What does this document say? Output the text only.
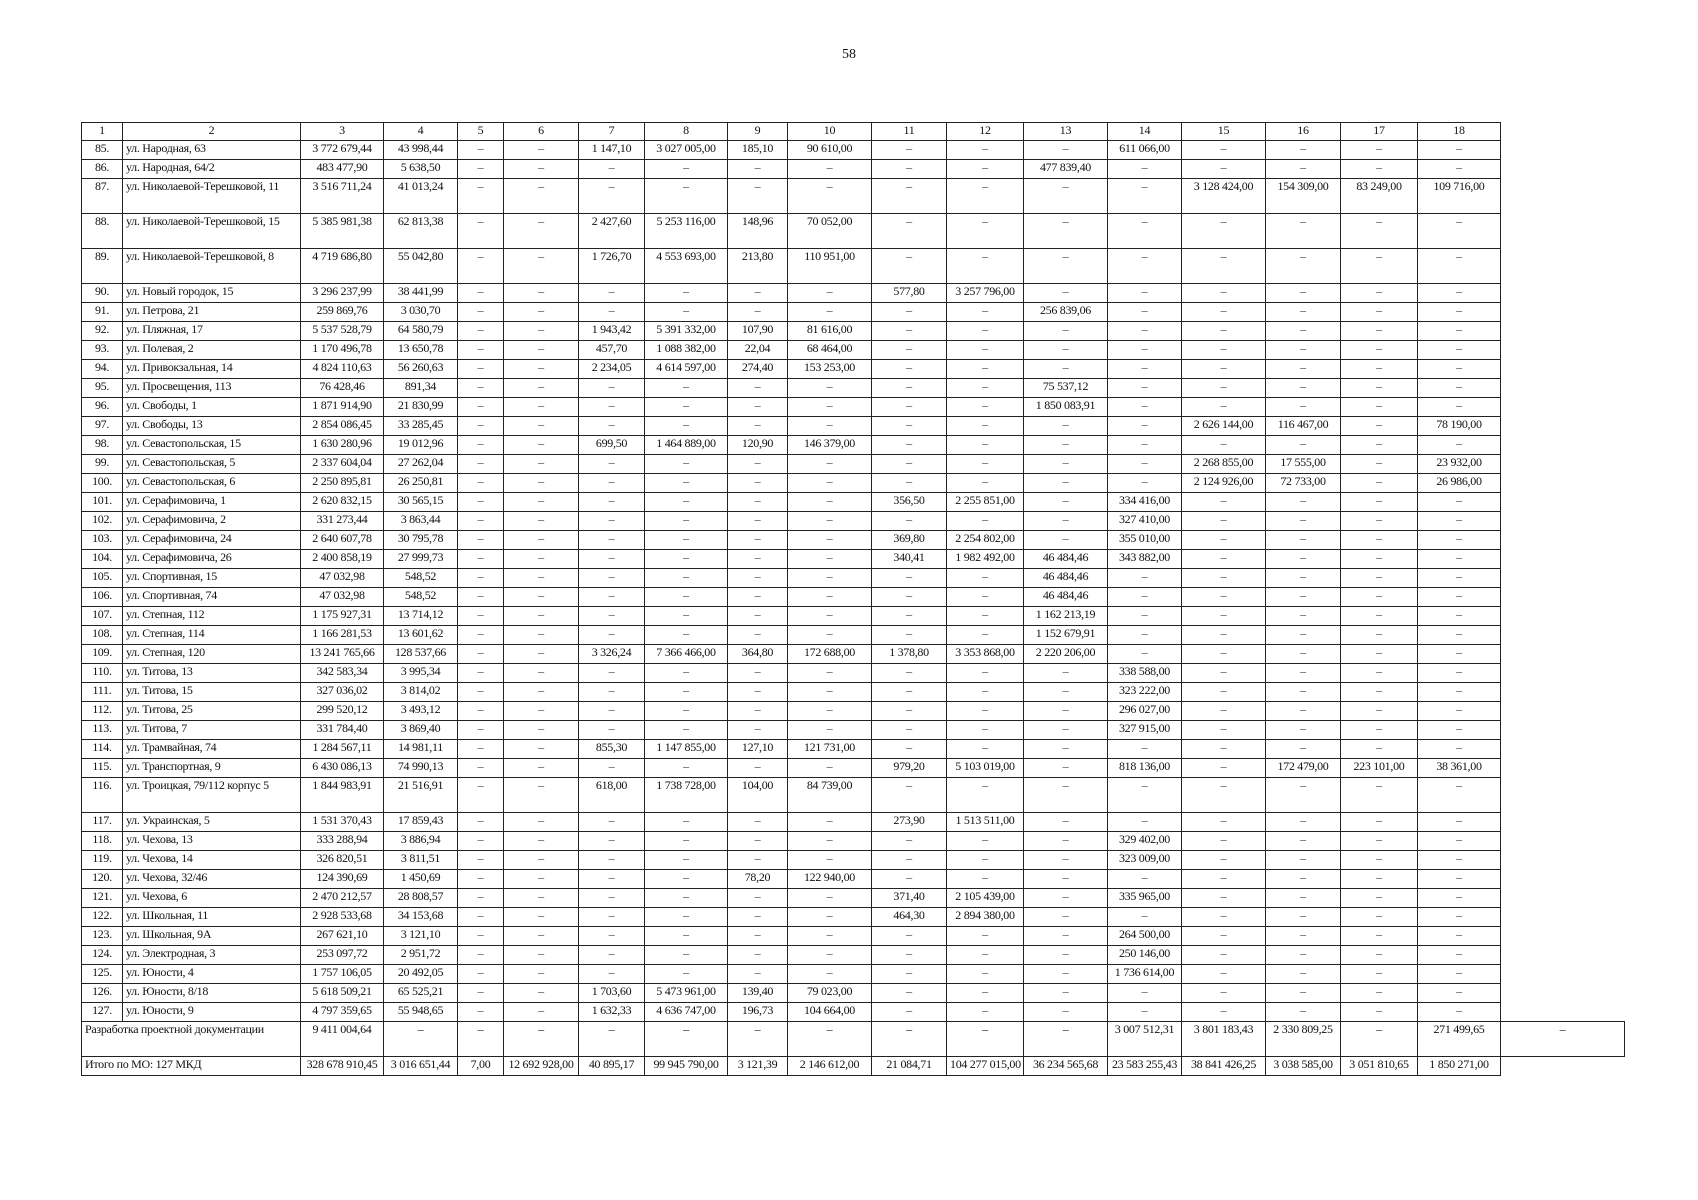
58
1	2	3	4	5	6	7	8	9	10	11	12	13	14	15	16	17	18	
85.	ул. Народная, 63	3 772 679,44	43 998,44	–	–	1 147,10	3 027 005,00	185,10	90 610,00	–	–	–	611 066,00	–	–	–	–	
86.	ул. Народная, 64/2	483 477,90	5 638,50	–	–	–	–	–	–	–	–	477 839,40	–	–	–	–	–	
87.	ул. Николаевой-Терешковой, 11	3 516 711,24	41 013,24	–	–	–	–	–	–	–	–	–	–	3 128 424,00	154 309,00	83 249,00	109 716,00	
88.	ул. Николаевой-Терешковой, 15	5 385 981,38	62 813,38	–	–	2 427,60	5 253 116,00	148,96	70 052,00	–	–	–	–	–	–	–	–	
89.	ул. Николаевой-Терешковой, 8	4 719 686,80	55 042,80	–	–	1 726,70	4 553 693,00	213,80	110 951,00	–	–	–	–	–	–	–	–	
90.	ул. Новый городок, 15	3 296 237,99	38 441,99	–	–	–	–	–	–	577,80	3 257 796,00	–	–	–	–	–	–	
91.	ул. Петрова, 21	259 869,76	3 030,70	–	–	–	–	–	–	–	–	256 839,06	–	–	–	–	–	
92.	ул. Пляжная, 17	5 537 528,79	64 580,79	–	–	1 943,42	5 391 332,00	107,90	81 616,00	–	–	–	–	–	–	–	–	
93.	ул. Полевая, 2	1 170 496,78	13 650,78	–	–	457,70	1 088 382,00	22,04	68 464,00	–	–	–	–	–	–	–	–	
94.	ул. Привокзальная, 14	4 824 110,63	56 260,63	–	–	2 234,05	4 614 597,00	274,40	153 253,00	–	–	–	–	–	–	–	–	
95.	ул. Просвещения, 113	76 428,46	891,34	–	–	–	–	–	–	–	–	75 537,12	–	–	–	–	–	
96.	ул. Свободы, 1	1 871 914,90	21 830,99	–	–	–	–	–	–	–	–	1 850 083,91	–	–	–	–	–	
97.	ул. Свободы, 13	2 854 086,45	33 285,45	–	–	–	–	–	–	–	–	–	–	2 626 144,00	116 467,00	–	78 190,00	
98.	ул. Севастопольская, 15	1 630 280,96	19 012,96	–	–	699,50	1 464 889,00	120,90	146 379,00	–	–	–	–	–	–	–	–	
99.	ул. Севастопольская, 5	2 337 604,04	27 262,04	–	–	–	–	–	–	–	–	–	–	2 268 855,00	17 555,00	–	23 932,00	
100.	ул. Севастопольская, 6	2 250 895,81	26 250,81	–	–	–	–	–	–	–	–	–	–	2 124 926,00	72 733,00	–	26 986,00	
101.	ул. Серафимовича, 1	2 620 832,15	30 565,15	–	–	–	–	–	–	356,50	2 255 851,00	–	334 416,00	–	–	–	–	
102.	ул. Серафимовича, 2	331 273,44	3 863,44	–	–	–	–	–	–	–	–	–	327 410,00	–	–	–	–	
103.	ул. Серафимовича, 24	2 640 607,78	30 795,78	–	–	–	–	–	–	369,80	2 254 802,00	–	355 010,00	–	–	–	–	
104.	ул. Серафимовича, 26	2 400 858,19	27 999,73	–	–	–	–	–	–	340,41	1 982 492,00	46 484,46	343 882,00	–	–	–	–	
105.	ул. Спортивная, 15	47 032,98	548,52	–	–	–	–	–	–	–	–	46 484,46	–	–	–	–	–	
106.	ул. Спортивная, 74	47 032,98	548,52	–	–	–	–	–	–	–	–	46 484,46	–	–	–	–	–	
107.	ул. Степная, 112	1 175 927,31	13 714,12	–	–	–	–	–	–	–	–	1 162 213,19	–	–	–	–	–	
108.	ул. Степная, 114	1 166 281,53	13 601,62	–	–	–	–	–	–	–	–	1 152 679,91	–	–	–	–	–	
109.	ул. Степная, 120	13 241 765,66	128 537,66	–	–	3 326,24	7 366 466,00	364,80	172 688,00	1 378,80	3 353 868,00	2 220 206,00	–	–	–	–	–	
110.	ул. Титова, 13	342 583,34	3 995,34	–	–	–	–	–	–	–	–	–	338 588,00	–	–	–	–	
111.	ул. Титова, 15	327 036,02	3 814,02	–	–	–	–	–	–	–	–	–	323 222,00	–	–	–	–	
112.	ул. Титова, 25	299 520,12	3 493,12	–	–	–	–	–	–	–	–	–	296 027,00	–	–	–	–	
113.	ул. Титова, 7	331 784,40	3 869,40	–	–	–	–	–	–	–	–	–	327 915,00	–	–	–	–	
114.	ул. Трамвайная, 74	1 284 567,11	14 981,11	–	–	855,30	1 147 855,00	127,10	121 731,00	–	–	–	–	–	–	–	–	
115.	ул. Транспортная, 9	6 430 086,13	74 990,13	–	–	–	–	–	–	979,20	5 103 019,00	–	818 136,00	–	172 479,00	223 101,00	38 361,00	
116.	ул. Троицкая, 79/112 корпус 5	1 844 983,91	21 516,91	–	–	618,00	1 738 728,00	104,00	84 739,00	–	–	–	–	–	–	–	–	
117.	ул. Украинская, 5	1 531 370,43	17 859,43	–	–	–	–	–	–	273,90	1 513 511,00	–	–	–	–	–	–	
118.	ул. Чехова, 13	333 288,94	3 886,94	–	–	–	–	–	–	–	–	–	329 402,00	–	–	–	–	
119.	ул. Чехова, 14	326 820,51	3 811,51	–	–	–	–	–	–	–	–	–	323 009,00	–	–	–	–	
120.	ул. Чехова, 32/46	124 390,69	1 450,69	–	–	–	–	78,20	122 940,00	–	–	–	–	–	–	–	–	
121.	ул. Чехова, 6	2 470 212,57	28 808,57	–	–	–	–	–	–	371,40	2 105 439,00	–	335 965,00	–	–	–	–	
122.	ул. Школьная, 11	2 928 533,68	34 153,68	–	–	–	–	–	–	464,30	2 894 380,00	–	–	–	–	–	–	
123.	ул. Школьная, 9А	267 621,10	3 121,10	–	–	–	–	–	–	–	–	–	264 500,00	–	–	–	–	
124.	ул. Электродная, 3	253 097,72	2 951,72	–	–	–	–	–	–	–	–	–	250 146,00	–	–	–	–	
125.	ул. Юности, 4	1 757 106,05	20 492,05	–	–	–	–	–	–	–	–	–	1 736 614,00	–	–	–	–	
126.	ул. Юности, 8/18	5 618 509,21	65 525,21	–	–	1 703,60	5 473 961,00	139,40	79 023,00	–	–	–	–	–	–	–	–	
127.	ул. Юности, 9	4 797 359,65	55 948,65	–	–	1 632,33	4 636 747,00	196,73	104 664,00	–	–	–	–	–	–	–	–	
Разработка проектной документации		9 411 004,64	–	–	–	–	–	–	–	–	–	–	3 007 512,31	3 801 183,43	2 330 809,25	–	271 499,65	–
Итого по МО: 127 МКД		328 678 910,45	3 016 651,44	7,00	12 692 928,00	40 895,17	99 945 790,00	3 121,39	2 146 612,00	21 084,71	104 277 015,00	36 234 565,68	23 583 255,43	38 841 426,25	3 038 585,00	3 051 810,65	1 850 271,00	
